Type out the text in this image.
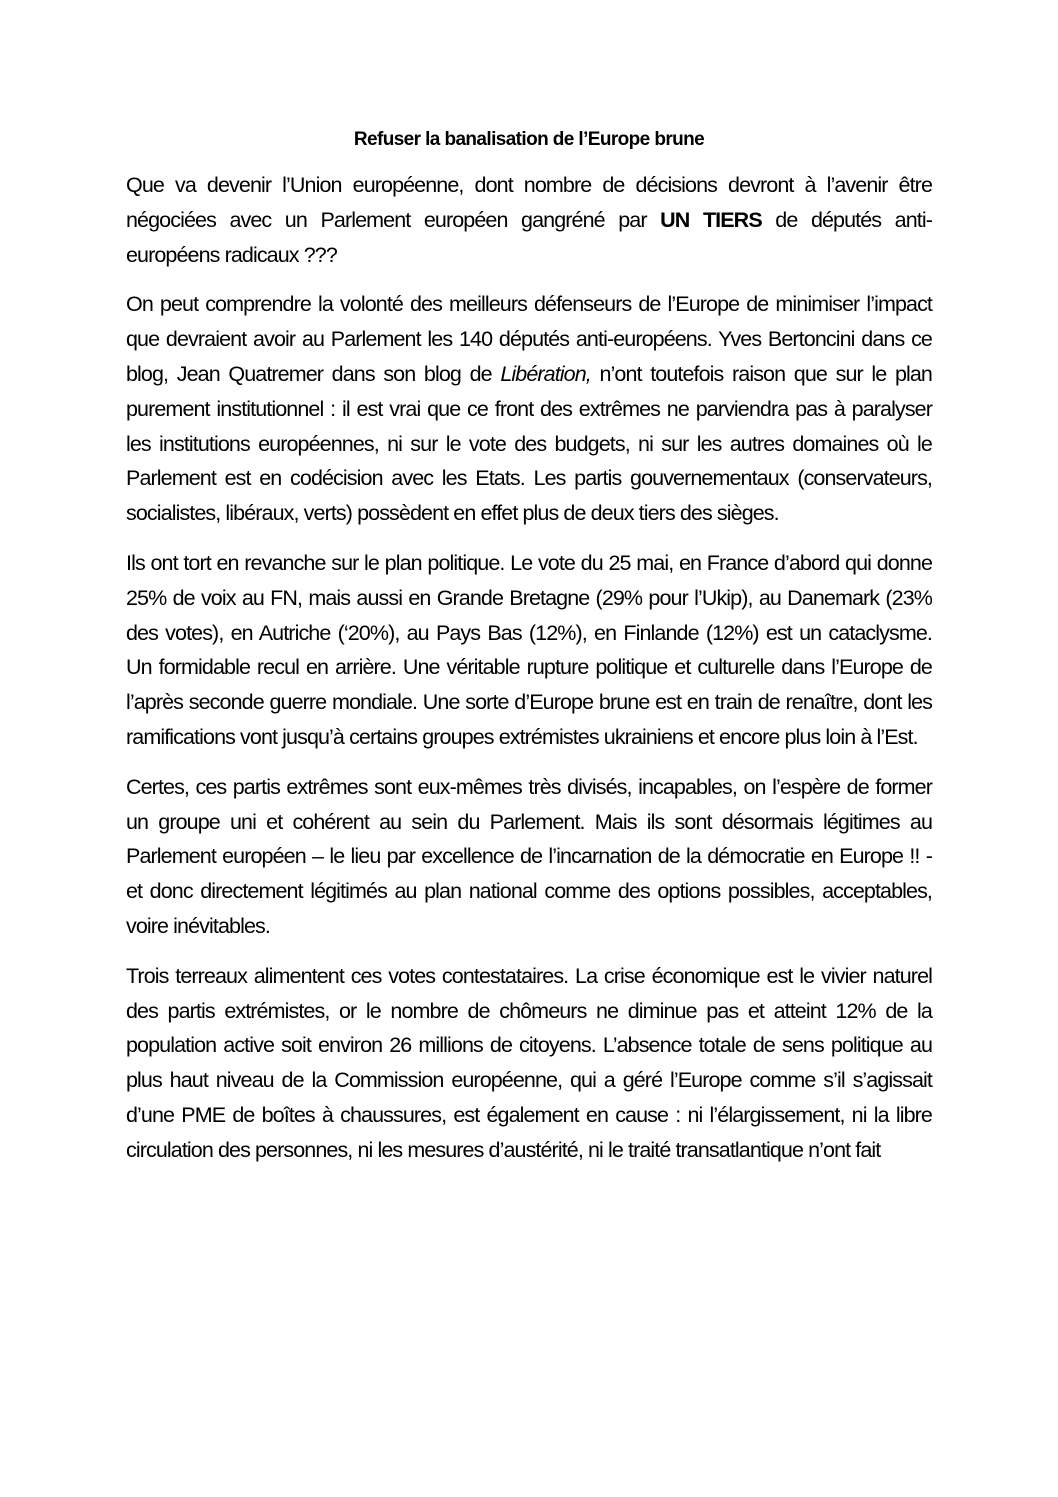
Refuser la banalisation de l’Europe brune

Que va devenir l’Union européenne, dont nombre de décisions devront à l’avenir être négociées avec un Parlement européen gangréné par UN TIERS de députés anti-européens radicaux ???

On peut comprendre la volonté des meilleurs défenseurs de l’Europe de minimiser l’impact que devraient avoir au Parlement les 140 députés anti-européens. Yves Bertoncini dans ce blog, Jean Quatremer dans son blog de Libération, n’ont toutefois raison que sur le plan purement institutionnel : il est vrai que ce front des extrêmes ne parviendra pas à paralyser les institutions européennes, ni sur le vote des budgets, ni sur les autres domaines où le Parlement est en codécision avec les Etats. Les partis gouvernementaux (conservateurs, socialistes, libéraux, verts) possèdent en effet plus de deux tiers des sièges.

Ils ont tort en revanche sur le plan politique. Le vote du 25 mai, en France d’abord qui donne 25% de voix au FN, mais aussi en Grande Bretagne (29% pour l’Ukip), au Danemark (23% des votes), en Autriche (‘20%), au Pays Bas (12%), en Finlande (12%) est un cataclysme. Un formidable recul en arrière. Une véritable rupture politique et culturelle dans l’Europe de l’après seconde guerre mondiale. Une sorte d’Europe brune est en train de renaître, dont les ramifications vont jusqu’à certains groupes extrémistes ukrainiens et encore plus loin à l’Est.

Certes, ces partis extrêmes sont eux-mêmes très divisés, incapables, on l’espère de former un groupe uni et cohérent au sein du Parlement. Mais ils sont désormais légitimes au Parlement européen – le lieu par excellence de l’incarnation de la démocratie en Europe !! - et donc directement légitimés au plan national comme des options possibles, acceptables, voire inévitables.

Trois terreaux alimentent ces votes contestataires. La crise économique est le vivier naturel des partis extrémistes, or le nombre de chômeurs ne diminue pas et atteint 12% de la population active soit environ 26 millions de citoyens. L’absence totale de sens politique au plus haut niveau de la Commission européenne, qui a géré l’Europe comme s’il s’agissait d’une PME de boîtes à chaussures, est également en cause : ni l’élargissement, ni la libre circulation des personnes, ni les mesures d’austérité, ni le traité transatlantique n’ont fait
